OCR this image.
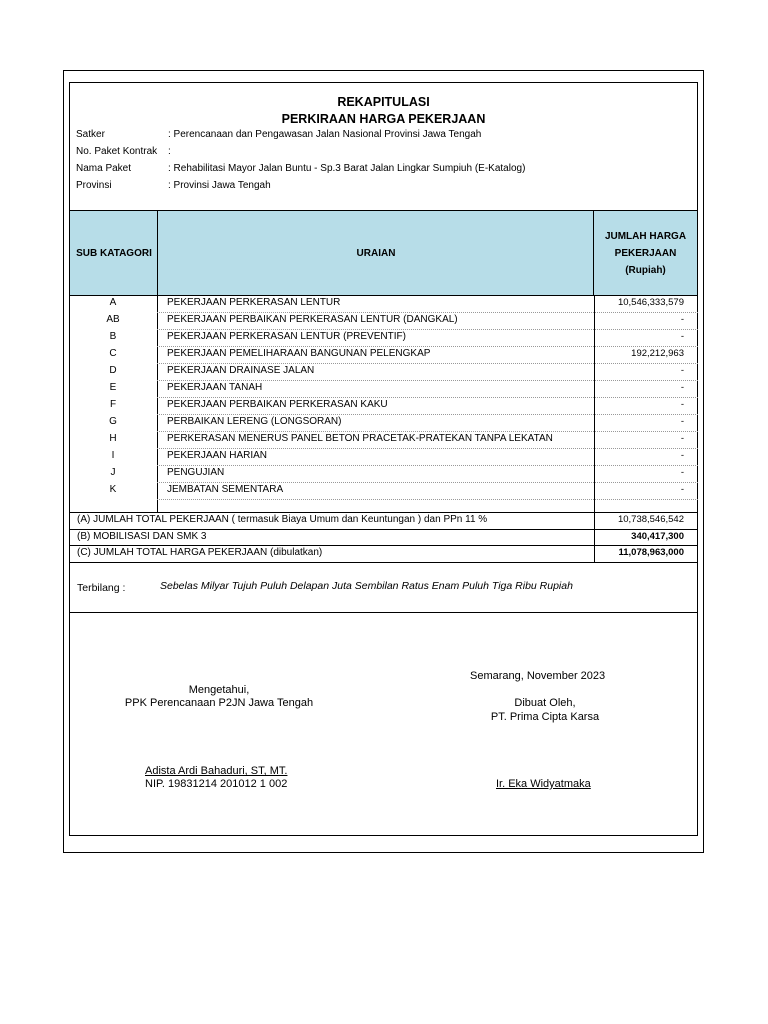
REKAPITULASI
PERKIRAAN HARGA PEKERJAAN
Satker	: Perencanaan dan Pengawasan Jalan Nasional Provinsi Jawa Tengah
No. Paket Kontrak :
Nama Paket	: Rehabilitasi Mayor Jalan Buntu - Sp.3 Barat Jalan Lingkar Sumpiuh (E-Katalog)
Provinsi	: Provinsi Jawa Tengah
SUB KATAGORI	URAIAN
JUMLAH HARGA
PEKERJAAN
(Rupiah)
A	PEKERJAAN PERKERASAN LENTUR	10,546,333,579
AB	PEKERJAAN PERBAIKAN PERKERASAN LENTUR (DANGKAL)	-
B	PEKERJAAN PERKERASAN LENTUR (PREVENTIF)	-
C	PEKERJAAN PEMELIHARAAN BANGUNAN PELENGKAP	192,212,963
D	PEKERJAAN DRAINASE JALAN	-
E	PEKERJAAN TANAH	-
F	PEKERJAAN PERBAIKAN PERKERASAN KAKU	-
G	PERBAIKAN LERENG (LONGSORAN)	-
H	PERKERASAN MENERUS PANEL BETON PRACETAK-PRATEKAN TANPA LEKATAN	-
I	PEKERJAAN HARIAN	-
J	PENGUJIAN	-
K	JEMBATAN SEMENTARA	-
(A) JUMLAH TOTAL PEKERJAAN ( termasuk Biaya Umum dan Keuntungan ) dan PPn 11 %	10,738,546,542
(B) MOBILISASI DAN SMK 3	340,417,300
(C) JUMLAH TOTAL HARGA PEKERJAAN (dibulatkan)	11,078,963,000
Terbilang :	Sebelas Milyar Tujuh Puluh Delapan Juta Sembilan Ratus Enam Puluh Tiga Ribu Rupiah
Semarang, November 2023
Mengetahui,
PPK Perencanaan P2JN Jawa Tengah	Dibuat Oleh,
PT. Prima Cipta Karsa
Adista Ardi Bahaduri, ST, MT.
NIP. 19831214 201012 1 002	Ir. Eka Widyatmaka
